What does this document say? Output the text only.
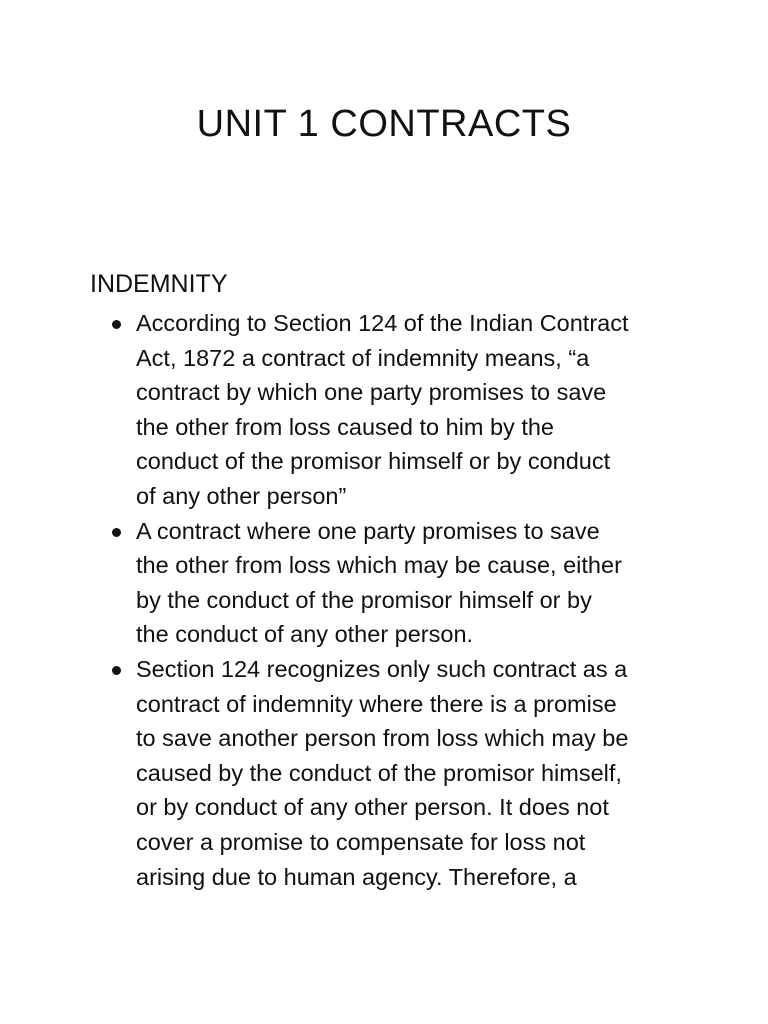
UNIT 1 CONTRACTS
INDEMNITY
According to Section 124 of the Indian Contract
Act, 1872 a contract of indemnity means, “a
contract by which one party promises to save
the other from loss caused to him by the
conduct of the promisor himself or by conduct
of any other person”
A contract where one party promises to save
the other from loss which may be cause, either
by the conduct of the promisor himself or by
the conduct of any other person.
Section 124 recognizes only such contract as a
contract of indemnity where there is a promise
to save another person from loss which may be
caused by the conduct of the promisor himself,
or by conduct of any other person. It does not
cover a promise to compensate for loss not
arising due to human agency. Therefore, a
